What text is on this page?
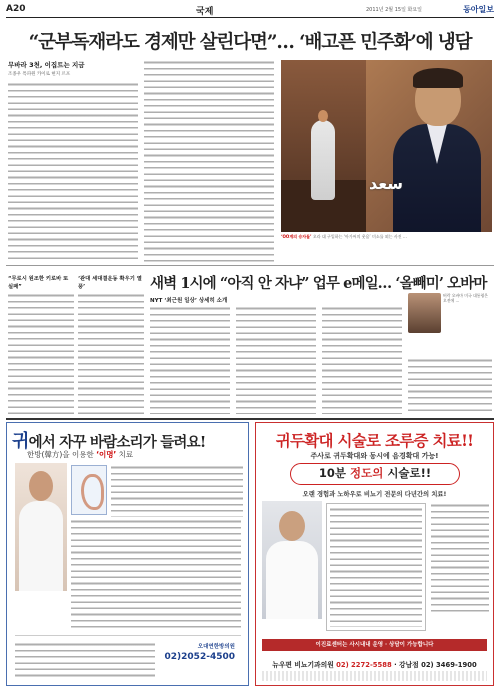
A20	국제	2011년 2월 15일 화요일	동아일보
“군부독재라도 경제만 살린다면”… ‘배고픈 민주화’에 냉담
무바라 3천, 이집트는 지금
조종우 특파원 카이로 현지 르포
سعد
‘OO계의 승자들’ 오라 대 구입하는 ‘아가씨의 웃음’ 미소를 외는 사진 …
“무로시 원조한 키로바 또 실패”
‘관대 세대결운동 확우기 열풍’	새벽 1시에 “아직 안 자냐” 업무 e메일… ‘올빼미’ 오바마
NYT ‘최근원 일상’ 상세히 소개
버락 오바마 미국 대통령은 오전에 …
귀에서 자꾸 바람소리가 들려요!
한방(韓方)을 이용한 ‘이명’ 치료
오대연한방의원
02)2052-4500
귀두확대 시술로 조루증 치료!!
주사로 귀두확대와 동시에 음경확대 가능!
10분 정도의 시술로!!
오랜 경험과 노하우로 비뇨기 전문의 다년간의 치료!
이진료센터는 사시내내 운영 · 상담이 가능합니다
뉴우편 비뇨기과의원 02) 2272-5588 · 강남점 02) 3469-1900
